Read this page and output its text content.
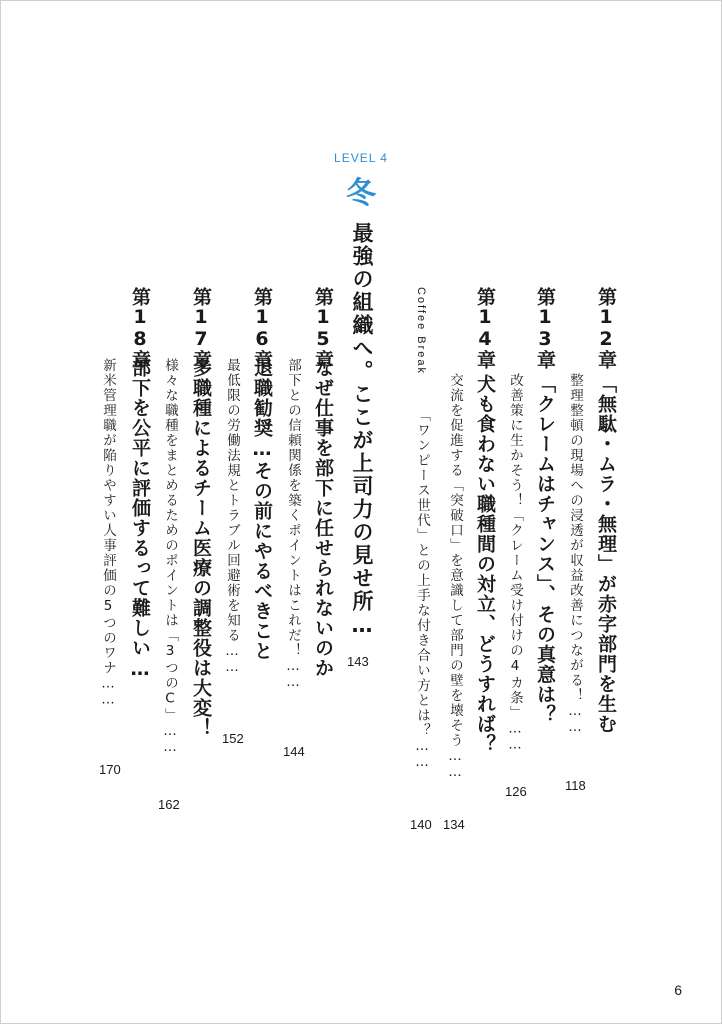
LEVEL 4
冬
第12章
「無駄・ムラ・無理」が赤字部門を生む
整理整頓の現場への浸透が収益改善につながる！……
118
第13章
「クレームはチャンス」、その真意は？
改善策に生かそう！「クレーム受け付けの4カ条」……
126
第14章
犬も食わない職種間の対立、どうすれば？
交流を促進する「突破口」を意識して部門の壁を壊そう……
134
Coffee Break
「ワンピース世代」との上手な付き合い方とは？……
140
最強の組織へ。ここが上司力の見せ所…
143
第15章
なぜ仕事を部下に任せられないのか
部下との信頼関係を築くポイントはこれだ！……
144
第16章
退職勧奨…その前にやるべきこと
最低限の労働法規とトラブル回避術を知る……
152
第17章
多職種によるチーム医療の調整役は大変！
様々な職種をまとめるためのポイントは「3つのC」……
162
第18章
部下を公平に評価するって難しい…
新米管理職が陥りやすい人事評価の5つのワナ……
170
6
